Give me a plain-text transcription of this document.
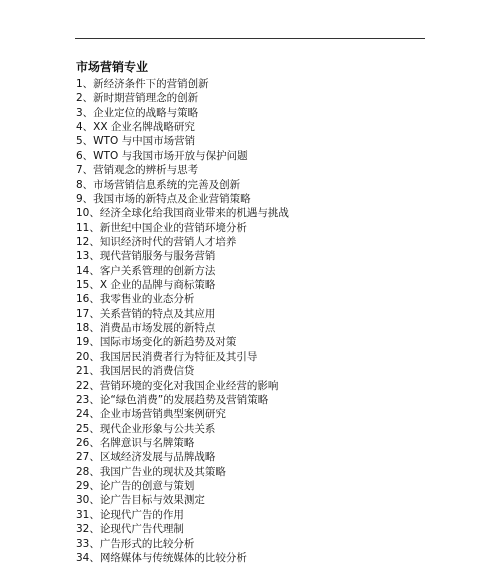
市场营销专业
1、新经济条件下的营销创新
2、新时期营销理念的创新
3、企业定位的战略与策略
4、XX 企业名牌战略研究
5、WTO 与中国市场营销
6、WTO 与我国市场开放与保护问题
7、营销观念的辨析与思考
8、市场营销信息系统的完善及创新
9、我国市场的新特点及企业营销策略
10、经济全球化给我国商业带来的机遇与挑战
11、新世纪中国企业的营销环境分析
12、知识经济时代的营销人才培养
13、现代营销服务与服务营销
14、客户关系管理的创新方法
15、X 企业的品牌与商标策略
16、我零售业的业态分析
17、关系营销的特点及其应用
18、消费品市场发展的新特点
19、国际市场变化的新趋势及对策
20、我国居民消费者行为特征及其引导
21、我国居民的消费信贷
22、营销环境的变化对我国企业经营的影响
23、论“绿色消费”的发展趋势及营销策略
24、企业市场营销典型案例研究
25、现代企业形象与公共关系
26、名牌意识与名牌策略
27、区域经济发展与品牌战略
28、我国广告业的现状及其策略
29、论广告的创意与策划
30、论广告目标与效果测定
31、论现代广告的作用
32、论现代广告代理制
33、广告形式的比较分析
34、网络媒体与传统媒体的比较分析
